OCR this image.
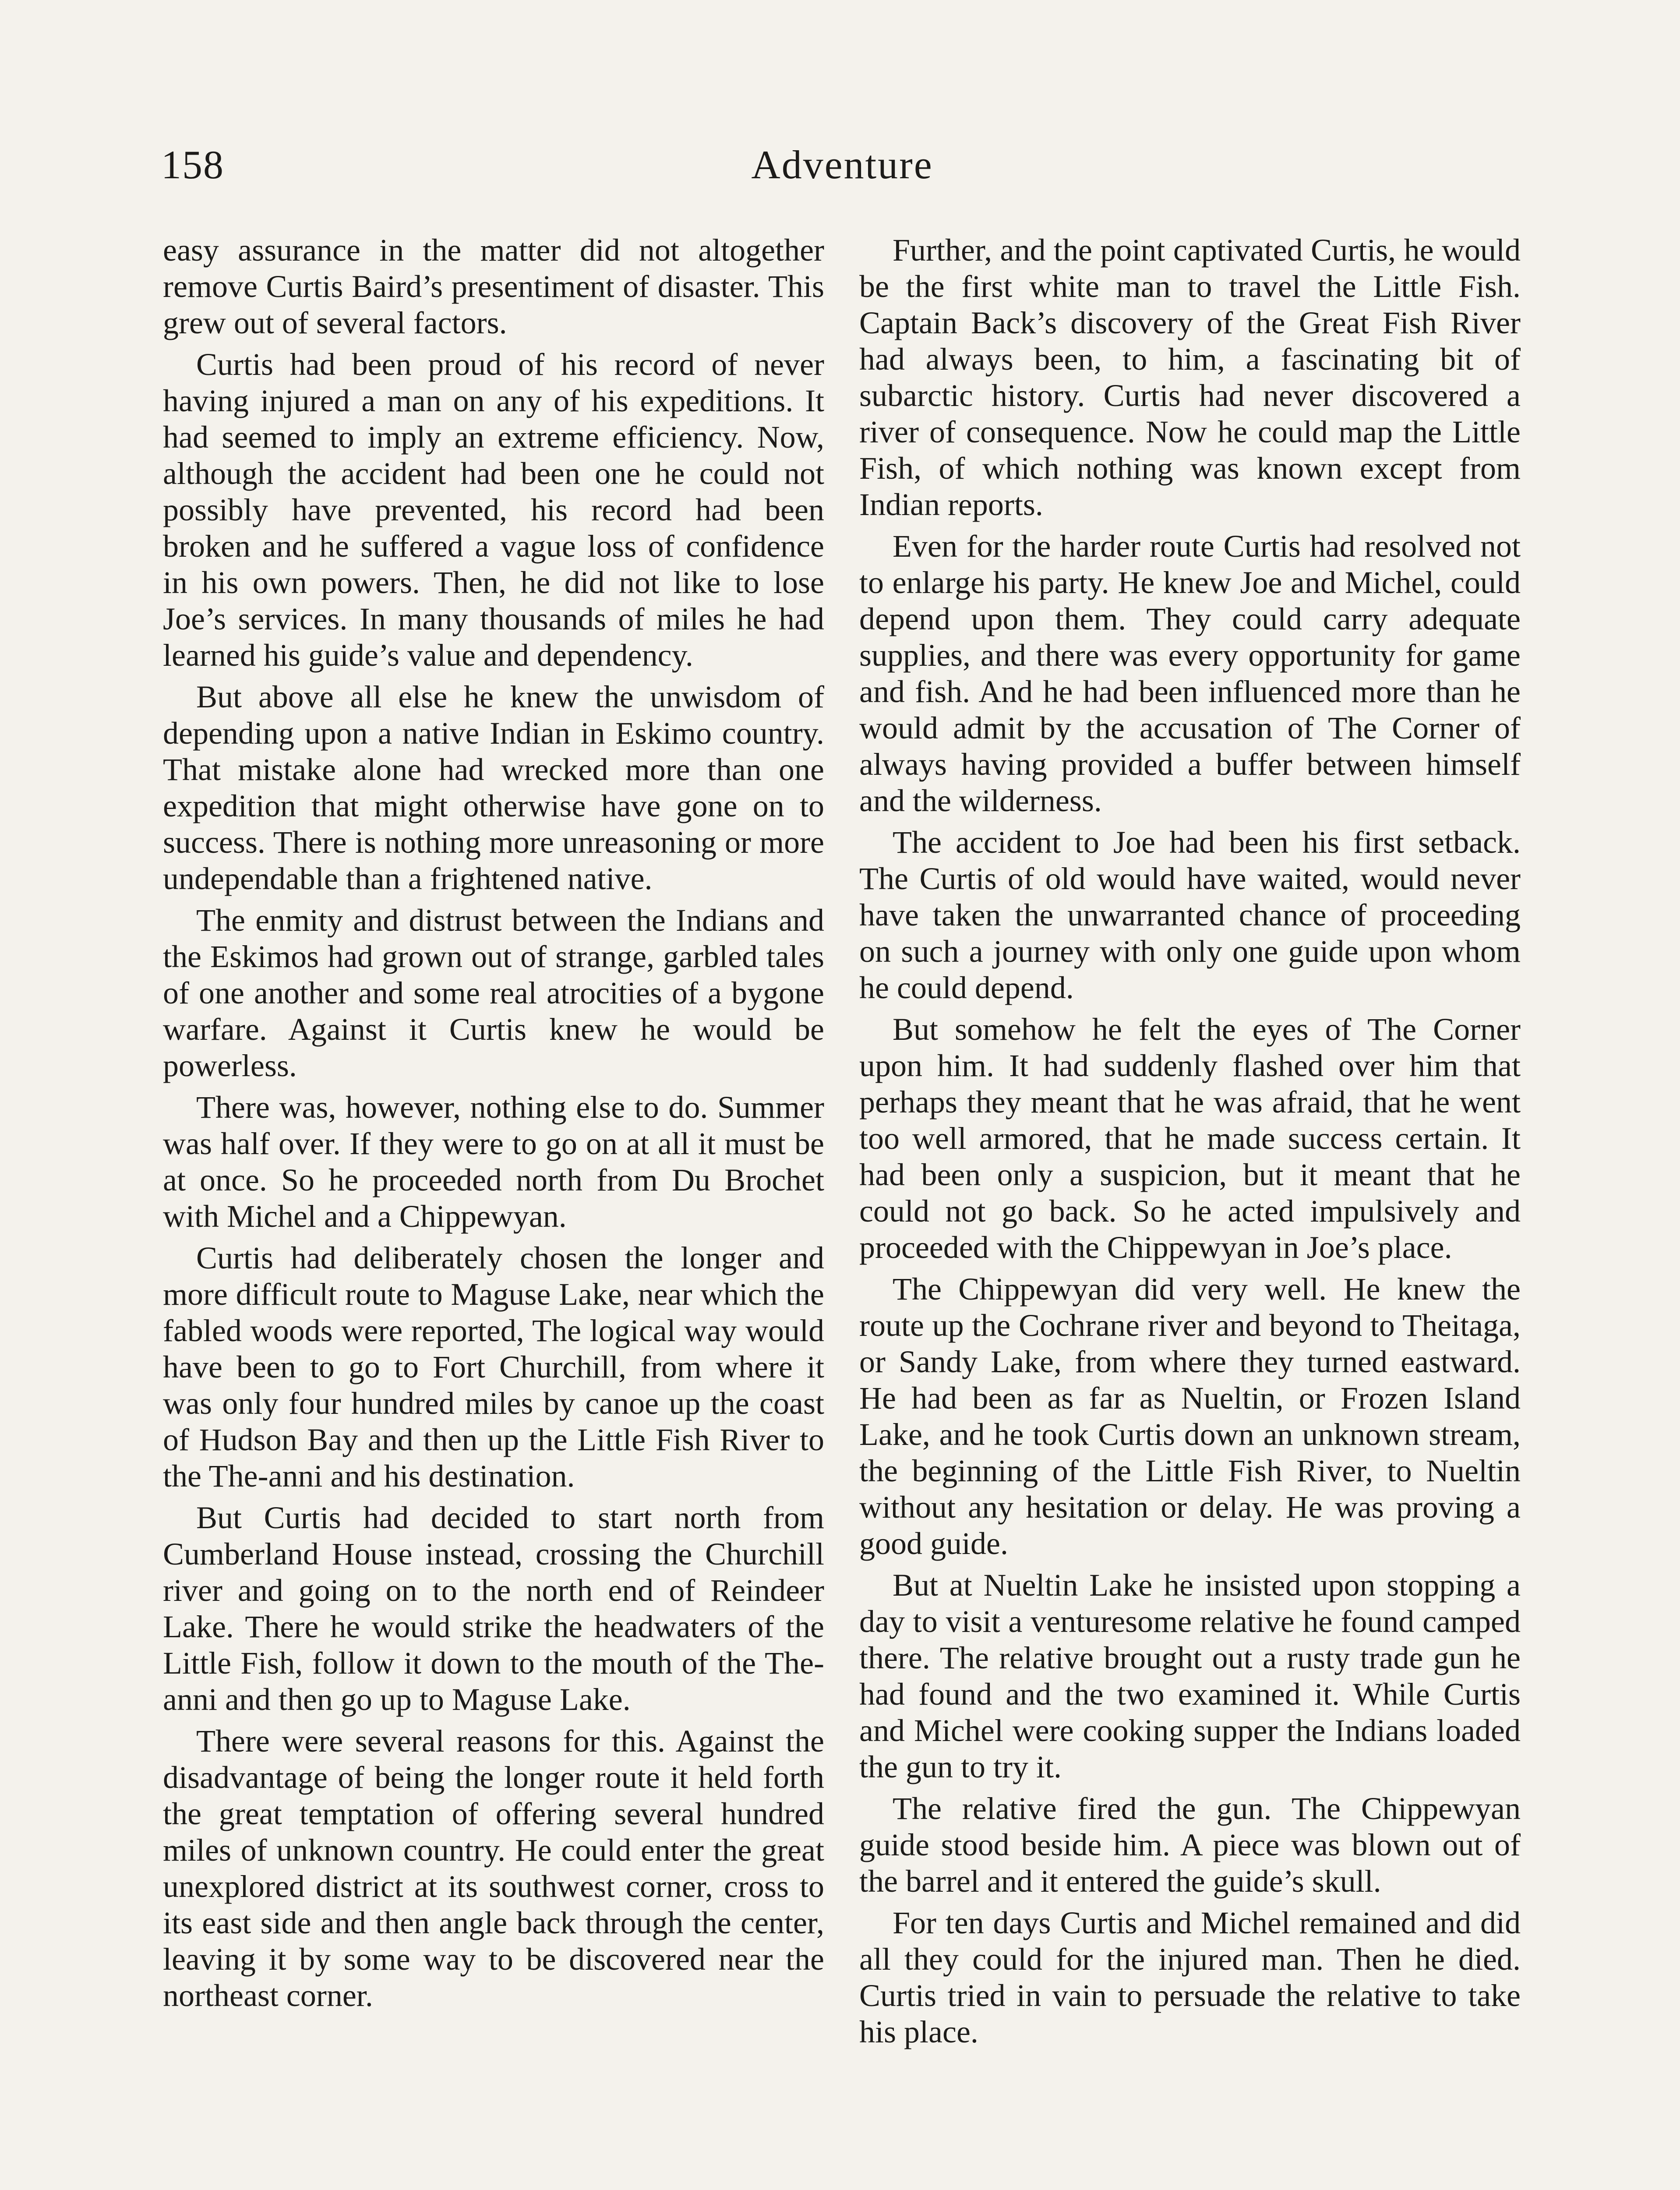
158	Adventure

easy assurance in the matter did not altogether remove Curtis Baird’s presentiment of disaster. This grew out of several factors.

Curtis had been proud of his record of never having injured a man on any of his expeditions. It had seemed to imply an extreme efficiency. Now, although the accident had been one he could not possibly have prevented, his record had been broken and he suffered a vague loss of confidence in his own powers. Then, he did not like to lose Joe’s services. In many thousands of miles he had learned his guide’s value and dependency.

But above all else he knew the unwisdom of depending upon a native Indian in Eskimo country. That mistake alone had wrecked more than one expedition that might otherwise have gone on to success. There is nothing more unreasoning or more undependable than a frightened native.

The enmity and distrust between the Indians and the Eskimos had grown out of strange, garbled tales of one another and some real atrocities of a bygone warfare. Against it Curtis knew he would be powerless.

There was, however, nothing else to do. Summer was half over. If they were to go on at all it must be at once. So he proceeded north from Du Brochet with Michel and a Chippewyan.

Curtis had deliberately chosen the longer and more difficult route to Maguse Lake, near which the fabled woods were reported, The logical way would have been to go to Fort Churchill, from where it was only four hundred miles by canoe up the coast of Hudson Bay and then up the Little Fish River to the The-anni and his destination.

But Curtis had decided to start north from Cumberland House instead, crossing the Churchill river and going on to the north end of Reindeer Lake. There he would strike the headwaters of the Little Fish, follow it down to the mouth of the The-anni and then go up to Maguse Lake.

There were several reasons for this. Against the disadvantage of being the longer route it held forth the great temptation of offering several hundred miles of unknown country. He could enter the great unexplored district at its southwest corner, cross to its east side and then angle back through the center, leaving it by some way to be discovered near the northeast corner.

Further, and the point captivated Curtis, he would be the first white man to travel the Little Fish. Captain Back’s discovery of the Great Fish River had always been, to him, a fascinating bit of subarctic history. Curtis had never discovered a river of consequence. Now he could map the Little Fish, of which nothing was known except from Indian reports.

Even for the harder route Curtis had resolved not to enlarge his party. He knew Joe and Michel, could depend upon them. They could carry adequate supplies, and there was every opportunity for game and fish. And he had been influenced more than he would admit by the accusation of The Corner of always having provided a buffer between himself and the wilderness.

The accident to Joe had been his first setback. The Curtis of old would have waited, would never have taken the unwarranted chance of proceeding on such a journey with only one guide upon whom he could depend.

But somehow he felt the eyes of The Corner upon him. It had suddenly flashed over him that perhaps they meant that he was afraid, that he went too well armored, that he made success certain. It had been only a suspicion, but it meant that he could not go back. So he acted impulsively and proceeded with the Chippewyan in Joe’s place.

The Chippewyan did very well. He knew the route up the Cochrane river and beyond to Theitaga, or Sandy Lake, from where they turned eastward. He had been as far as Nueltin, or Frozen Island Lake, and he took Curtis down an unknown stream, the beginning of the Little Fish River, to Nueltin without any hesitation or delay. He was proving a good guide.

But at Nueltin Lake he insisted upon stopping a day to visit a venturesome relative he found camped there. The relative brought out a rusty trade gun he had found and the two examined it. While Curtis and Michel were cooking supper the Indians loaded the gun to try it.

The relative fired the gun. The Chippewyan guide stood beside him. A piece was blown out of the barrel and it entered the guide’s skull.

For ten days Curtis and Michel remained and did all they could for the injured man. Then he died. Curtis tried in vain to persuade the relative to take his place.
